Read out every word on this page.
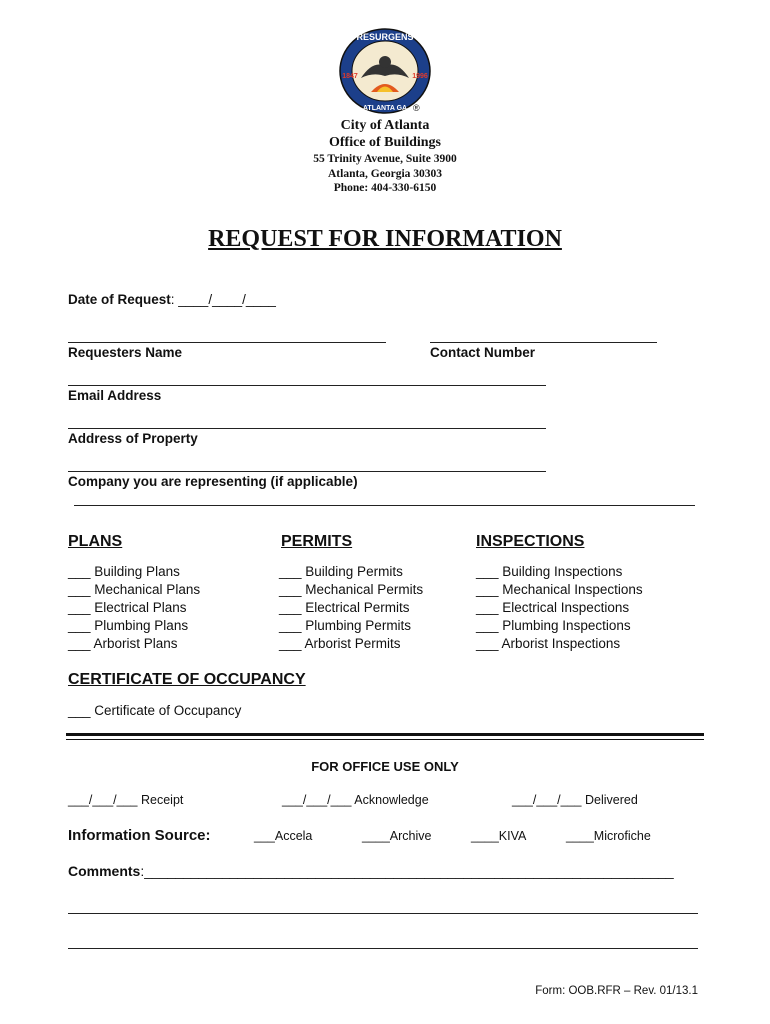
RESURGENS
1847	1996
ATLANTA GA ®
City of Atlanta
Office of Buildings
55 Trinity Avenue, Suite 3900
Atlanta, Georgia 30303
Phone: 404-330-6150
REQUEST FOR INFORMATION
Date of Request: ____/____/____
Requesters Name	Contact Number
Email Address
Address of Property
Company you are representing (if applicable)
PLANS
___ Building Plans
___ Mechanical Plans
___ Electrical Plans
___ Plumbing Plans
___ Arborist Plans
PERMITS
___ Building Permits
___ Mechanical Permits
___ Electrical Permits
___ Plumbing Permits
___ Arborist Permits
INSPECTIONS
___ Building Inspections
___ Mechanical Inspections
___ Electrical Inspections
___ Plumbing Inspections
___ Arborist Inspections
CERTIFICATE OF OCCUPANCY
___ Certificate of Occupancy
FOR OFFICE USE ONLY
___/___/___ Receipt	___/___/___ Acknowledge	___/___/___ Delivered
Information Source:	___Accela	____Archive	____KIVA	____Microfiche
Comments:____________________________________________________________________
Form: OOB.RFR – Rev. 01/13.1
